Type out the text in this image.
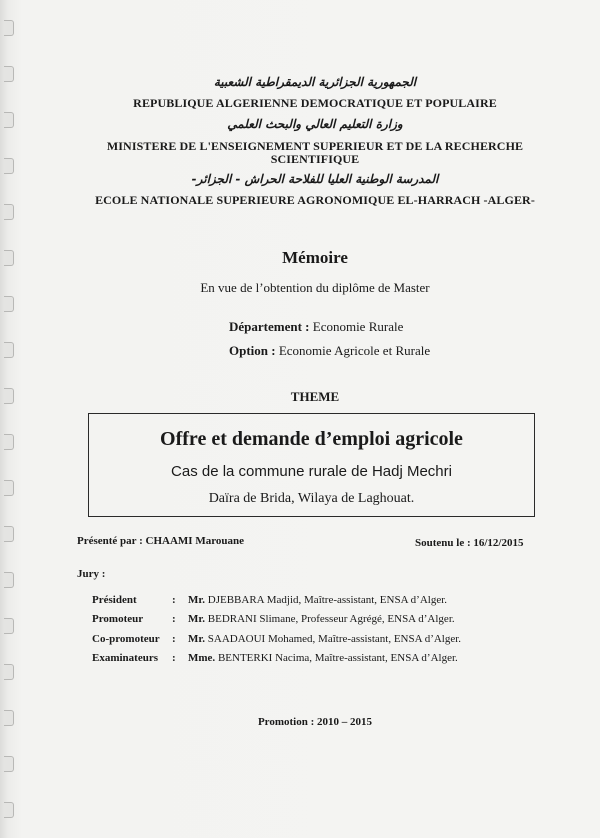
الجمهورية الجزائرية الديمقراطية الشعبية
REPUBLIQUE ALGERIENNE DEMOCRATIQUE ET POPULAIRE
وزارة التعليم العالي والبحث العلمي
MINISTERE DE L'ENSEIGNEMENT SUPERIEUR ET DE LA RECHERCHE
SCIENTIFIQUE
المدرسة الوطنية العليا للفلاحة الحراش - الجزائر-
ECOLE NATIONALE SUPERIEURE AGRONOMIQUE EL-HARRACH -ALGER-
Mémoire
En vue de l’obtention du diplôme de Master
Département : Economie Rurale
Option : Economie Agricole et Rurale
THEME
Offre et demande d’emploi agricole
Cas de la commune rurale de Hadj Mechri
Daïra de Brida, Wilaya de Laghouat.
Présenté par : CHAAMI Marouane	Soutenu le : 16/12/2015
Jury :
Président	: Mr. DJEBBARA Madjid, Maître-assistant, ENSA d’Alger.
Promoteur	: Mr. BEDRANI Slimane, Professeur Agrégé, ENSA d’Alger.
Co-promoteur : Mr. SAADAOUI Mohamed, Maître-assistant, ENSA d’Alger.
Examinateurs : Mme. BENTERKI Nacima, Maître-assistant, ENSA d’Alger.
Promotion : 2010 – 2015
